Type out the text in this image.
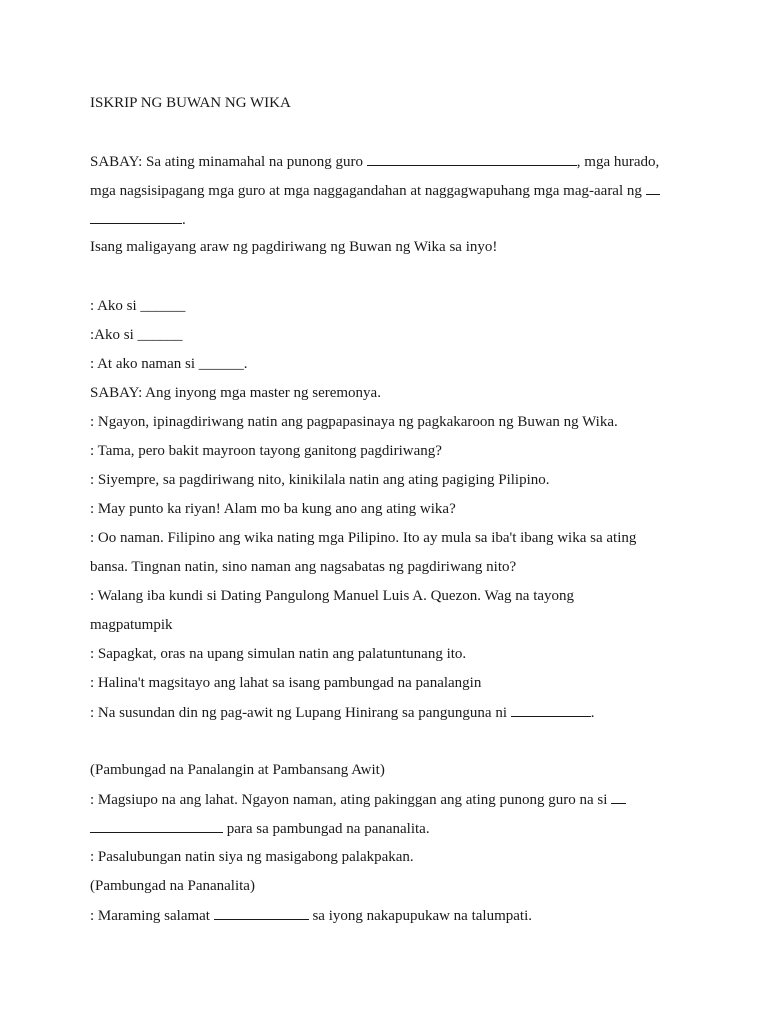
ISKRIP NG BUWAN NG WIKA
SABAY: Sa ating minamahal na punong guro	, mga hurado,
mga nagsisipagang mga guro at mga naggagandahan at naggagwapuhang mga mag-aaral ng
.
Isang maligayang araw ng pagdiriwang ng Buwan ng Wika sa inyo!
: Ako si ______
:Ako si ______
: At ako naman si ______.
SABAY: Ang inyong mga master ng seremonya.
: Ngayon, ipinagdiriwang natin ang pagpapasinaya ng pagkakaroon ng Buwan ng Wika.
: Tama, pero bakit mayroon tayong ganitong pagdiriwang?
: Siyempre, sa pagdiriwang nito, kinikilala natin ang ating pagiging Pilipino.
: May punto ka riyan! Alam mo ba kung ano ang ating wika?
: Oo naman. Filipino ang wika nating mga Pilipino. Ito ay mula sa iba't ibang wika sa ating
bansa. Tingnan natin, sino naman ang nagsabatas ng pagdiriwang nito?
: Walang iba kundi si Dating Pangulong Manuel Luis A. Quezon. Wag na tayong
magpatumpik
: Sapagkat, oras na upang simulan natin ang palatuntunang ito.
: Halina't magsitayo ang lahat sa isang pambungad na panalangin
: Na susundan din ng pag-awit ng Lupang Hinirang sa pangunguna ni	.
(Pambungad na Panalangin at Pambansang Awit)
: Magsiupo na ang lahat. Ngayon naman, ating pakinggan ang ating punong guro na si
para sa pambungad na pananalita.
: Pasalubungan natin siya ng masigabong palakpakan.
(Pambungad na Pananalita)
: Maraming salamat	sa iyong nakapupukaw na talumpati.
